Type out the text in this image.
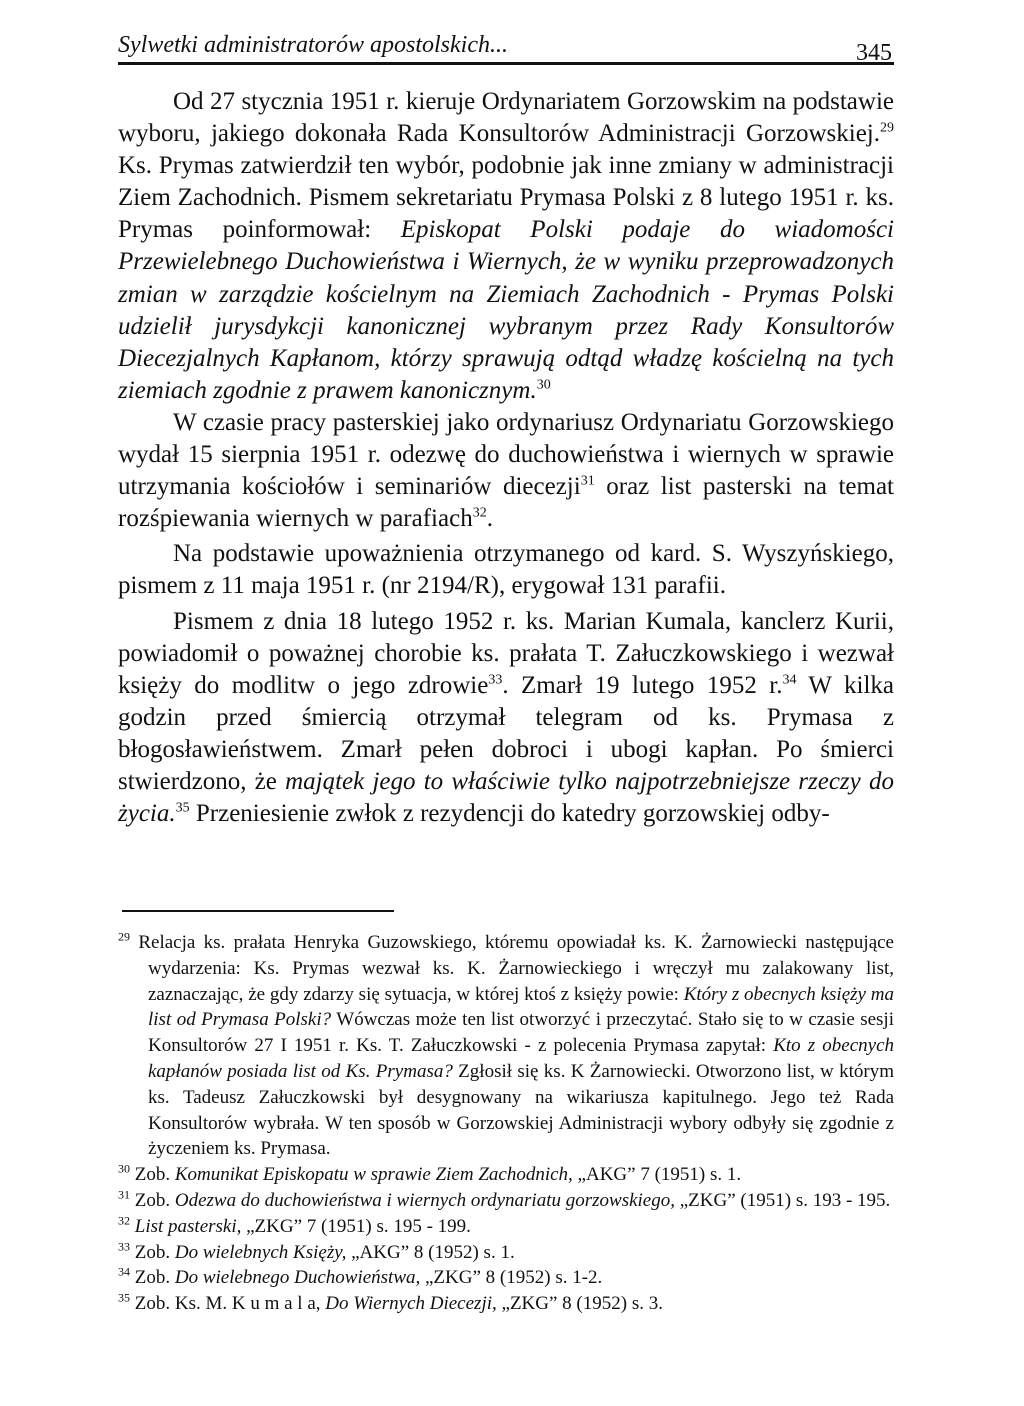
Sylwetki administratorów apostolskich...	345

Od 27 stycznia 1951 r. kieruje Ordynariatem Gorzowskim na podstawie wyboru, jakiego dokonała Rada Konsultorów Administracji Gorzowskiej.$^{29}$ Ks. Prymas zatwierdził ten wybór, podobnie jak inne zmiany w administracji Ziem Zachodnich. Pismem sekretariatu Prymasa Polski z 8 lutego 1951 r. ks. Prymas poinformował: Episkopat Polski podaje do wiadomości Przewielebnego Duchowieństwa i Wiernych, że w wyniku przeprowadzonych zmian w zarządzie kościelnym na Ziemiach Zachodnich - Prymas Polski udzielił jurysdykcji kanonicznej wybranym przez Rady Konsultorów Diecezjalnych Kapłanom, którzy sprawują odtąd władzę kościelną na tych ziemiach zgodnie z prawem kanonicznym.$^{30}$

W czasie pracy pasterskiej jako ordynariusz Ordynariatu Gorzowskiego wydał 15 sierpnia 1951 r. odezwę do duchowieństwa i wiernych w sprawie utrzymania kościołów i seminariów diecezji$^{31}$ oraz list pasterski na temat rozśpiewania wiernych w parafiach$^{32}$.

Na podstawie upoważnienia otrzymanego od kard. S. Wyszyńskiego, pismem z 11 maja 1951 r. (nr 2194/R), erygował 131 parafii.

Pismem z dnia 18 lutego 1952 r. ks. Marian Kumala, kanclerz Kurii, powiadomił o poważnej chorobie ks. prałata T. Załuczkowskiego i wezwał księży do modlitw o jego zdrowie$^{33}$. Zmarł 19 lutego 1952 r.$^{34}$ W kilka godzin przed śmiercią otrzymał telegram od ks. Prymasa z błogosławieństwem. Zmarł pełen dobroci i ubogi kapłan. Po śmierci stwierdzono, że majątek jego to właściwie tylko najpotrzebniejsze rzeczy do życia.$^{35}$ Przeniesienie zwłok z rezydencji do katedry gorzowskiej odby-

$^{29}$ Relacja ks. prałata Henryka Guzowskiego, któremu opowiadał ks. K. Żarnowiecki następujące wydarzenia: Ks. Prymas wezwał ks. K. Żarnowieckiego i wręczył mu zalakowany list, zaznaczając, że gdy zdarzy się sytuacja, w której ktoś z księży powie: Który z obecnych księży ma list od Prymasa Polski? Wówczas może ten list otworzyć i przeczytać. Stało się to w czasie sesji Konsultorów 27 I 1951 r. Ks. T. Załuczkowski - z polecenia Prymasa zapytał: Kto z obecnych kapłanów posiada list od Ks. Prymasa? Zgłosił się ks. K Żarnowiecki. Otworzono list, w którym ks. Tadeusz Załuczkowski był desygnowany na wikariusza kapitulnego. Jego też Rada Konsultorów wybrała. W ten sposób w Gorzowskiej Administracji wybory odbyły się zgodnie z życzeniem ks. Prymasa.

$^{30}$ Zob. Komunikat Episkopatu w sprawie Ziem Zachodnich, „AKG” 7 (1951) s. 1.

$^{31}$ Zob. Odezwa do duchowieństwa i wiernych ordynariatu gorzowskiego, „ZKG” (1951) s. 193 - 195.

$^{32}$ List pasterski, „ZKG” 7 (1951) s. 195 - 199.

$^{33}$ Zob. Do wielebnych Księży, „AKG” 8 (1952) s. 1.

$^{34}$ Zob. Do wielebnego Duchowieństwa, „ZKG” 8 (1952) s. 1-2.

$^{35}$ Zob. Ks. M. K u m a l a, Do Wiernych Diecezji, „ZKG” 8 (1952) s. 3.
